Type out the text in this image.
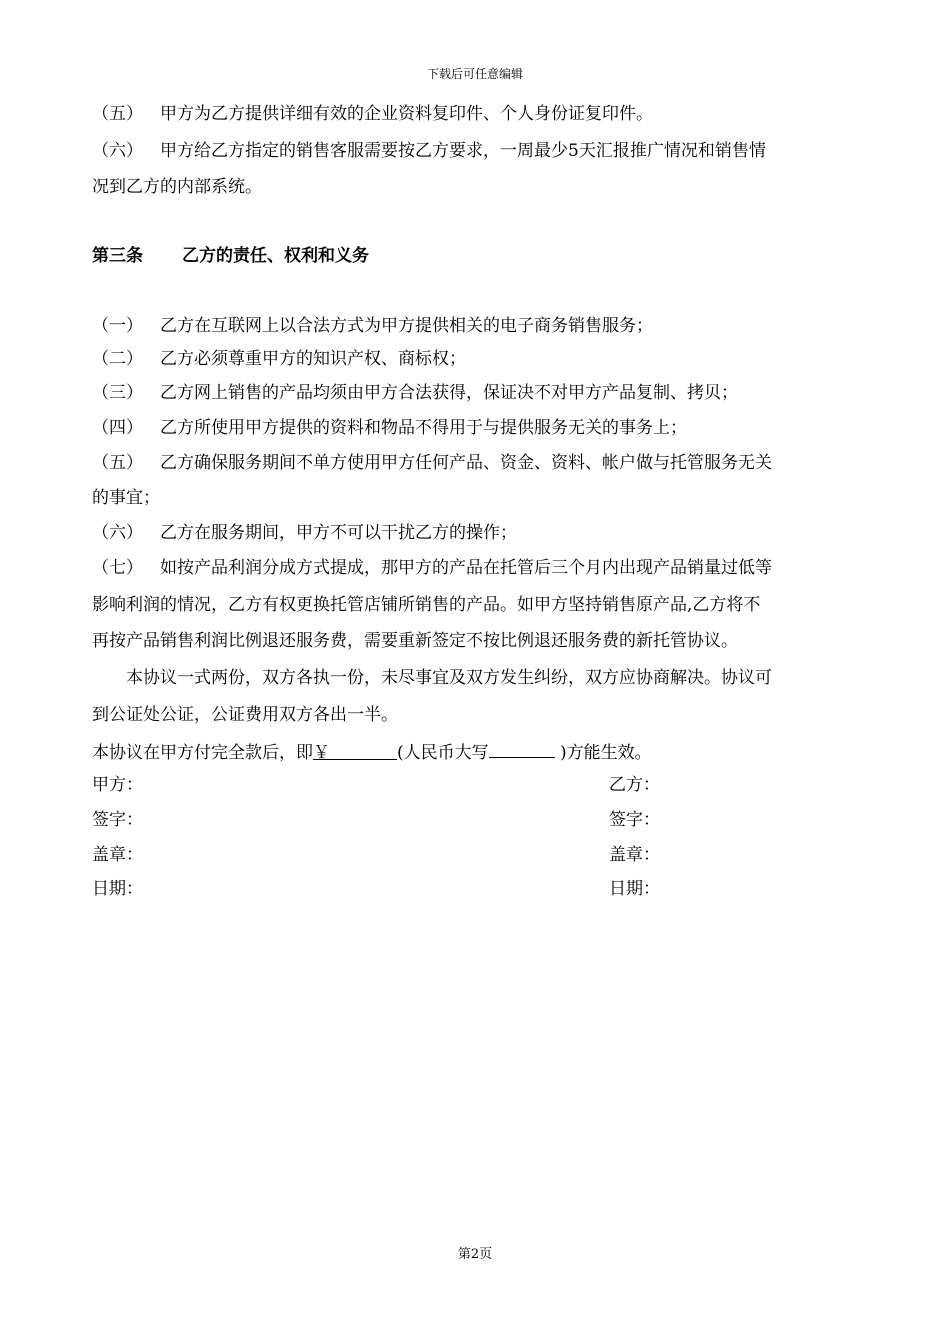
下载后可任意编辑
（五） 甲方为乙方提供详细有效的企业资料复印件、个人身份证复印件。
（六） 甲方给乙方指定的销售客服需要按乙方要求，一周最少5天汇报推广情况和销售情
况到乙方的内部系统。
第三条 乙方的责任、权利和义务
（一） 乙方在互联网上以合法方式为甲方提供相关的电子商务销售服务；
（二） 乙方必须尊重甲方的知识产权、商标权；
（三） 乙方网上销售的产品均须由甲方合法获得，保证决不对甲方产品复制、拷贝；
（四） 乙方所使用甲方提供的资料和物品不得用于与提供服务无关的事务上；
（五） 乙方确保服务期间不单方使用甲方任何产品、资金、资料、帐户做与托管服务无关
的事宜；
（六） 乙方在服务期间，甲方不可以干扰乙方的操作；
（七） 如按产品利润分成方式提成，那甲方的产品在托管后三个月内出现产品销量过低等
影响利润的情况，乙方有权更换托管店铺所销售的产品。如甲方坚持销售原产品,乙方将不
再按产品销售利润比例退还服务费，需要重新签定不按比例退还服务费的新托管协议。
本协议一式两份，双方各执一份，未尽事宜及双方发生纠纷，双方应协商解决。协议可
到公证处公证，公证费用双方各出一半。
本协议在甲方付完全款后，即￥	(人民币大写	)方能生效。
甲方：	乙方：
签字：	签字：
盖章：	盖章：
日期：	日期：
第2页
